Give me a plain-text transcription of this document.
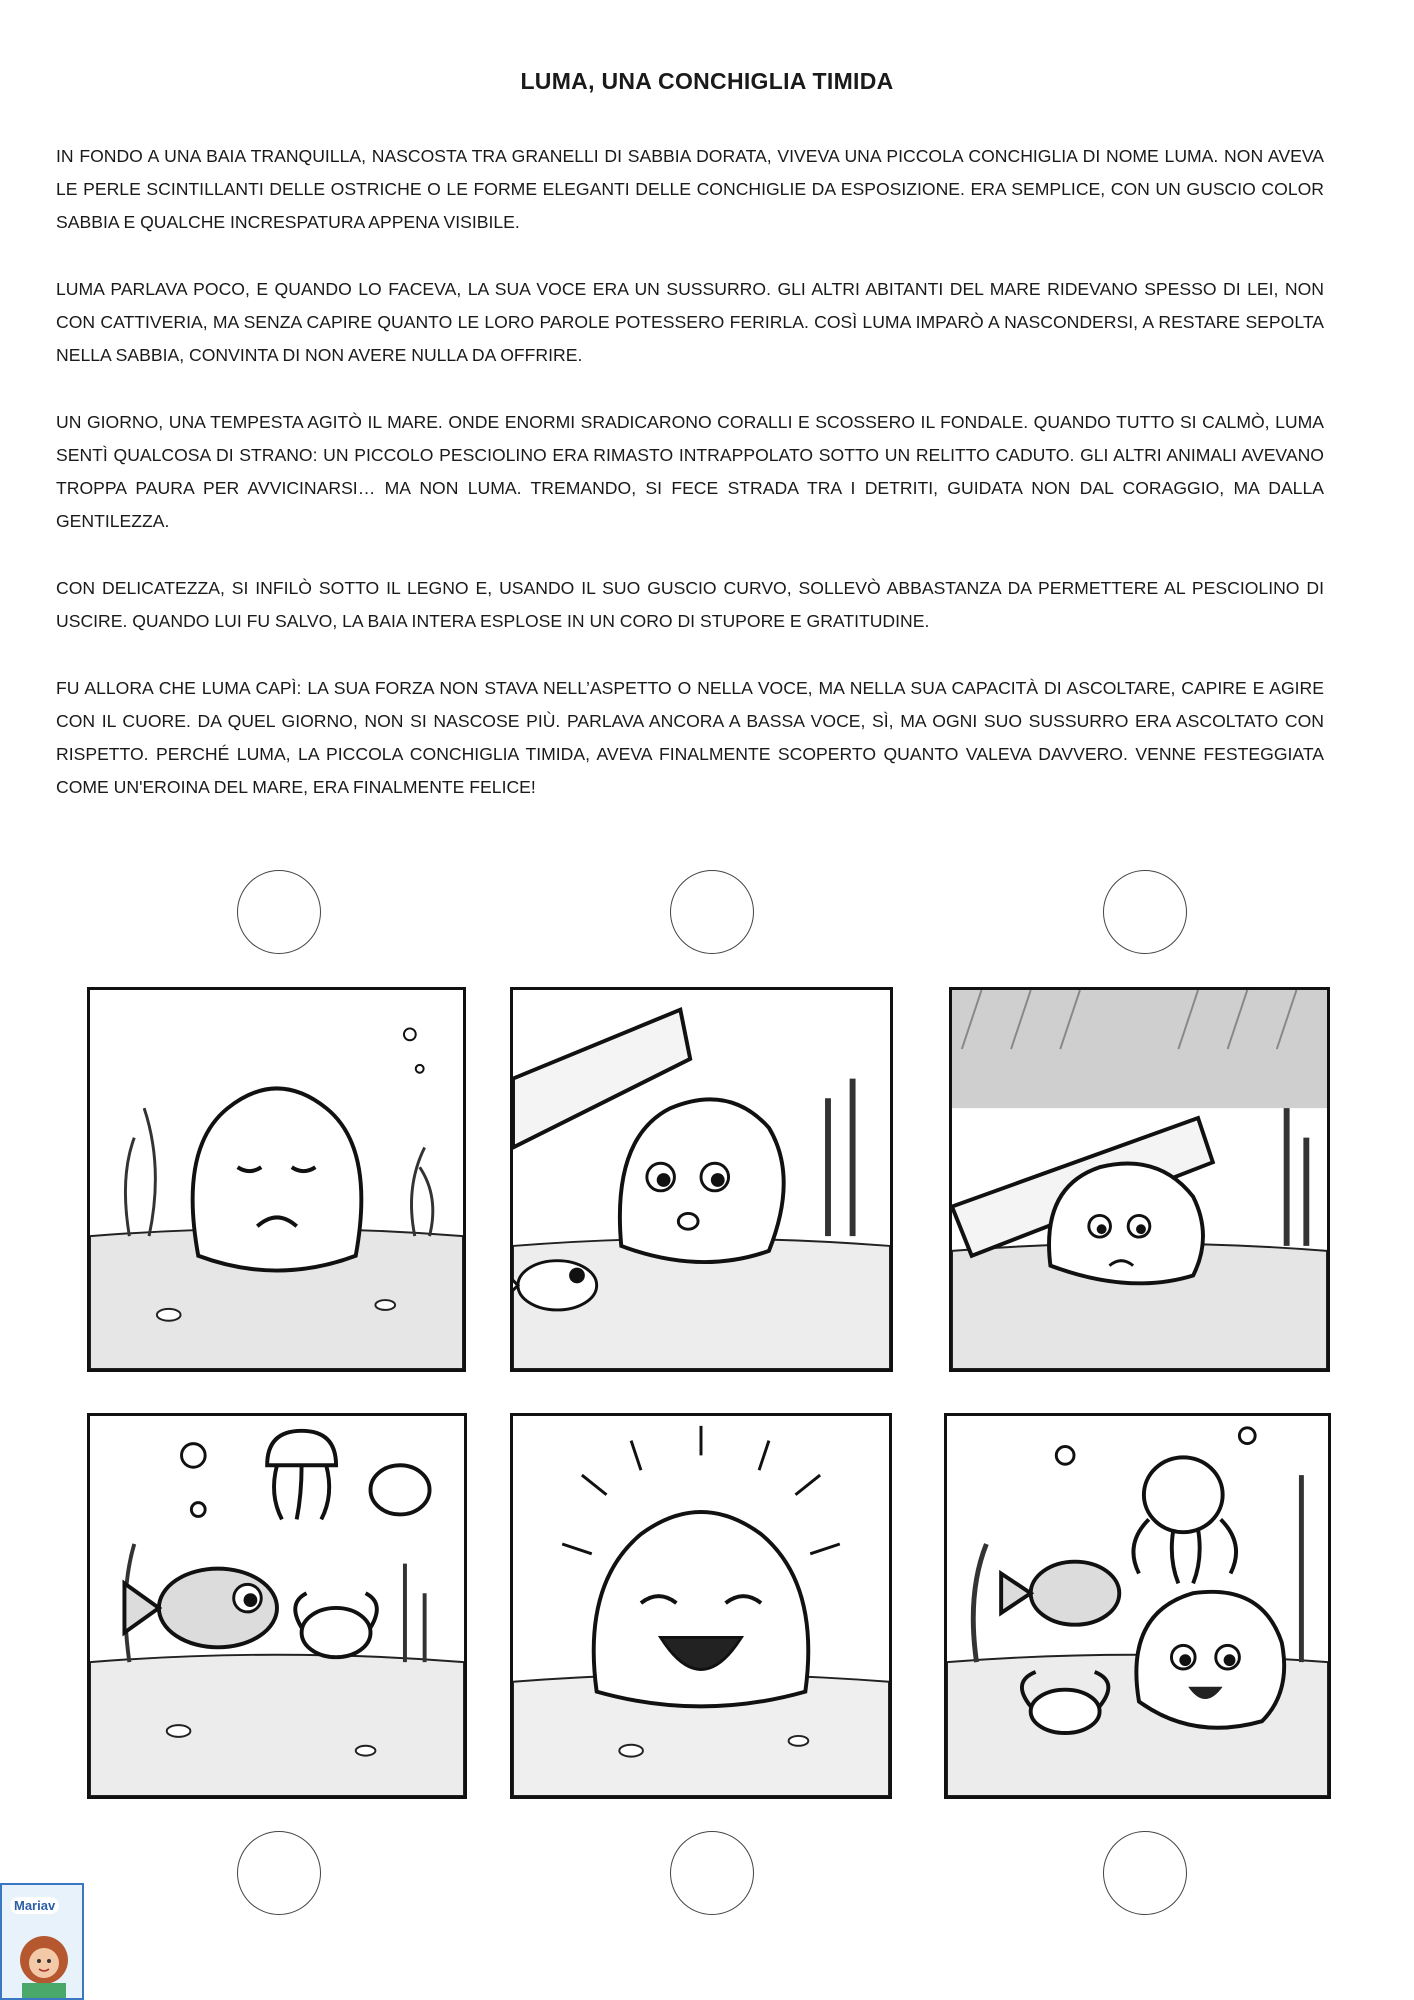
LUMA, UNA CONCHIGLIA TIMIDA

IN FONDO A UNA BAIA TRANQUILLA, NASCOSTA TRA GRANELLI DI SABBIA DORATA, VIVEVA UNA PICCOLA CONCHIGLIA DI NOME LUMA. NON AVEVA LE PERLE SCINTILLANTI DELLE OSTRICHE O LE FORME ELEGANTI DELLE CONCHIGLIE DA ESPOSIZIONE. ERA SEMPLICE, CON UN GUSCIO COLOR SABBIA E QUALCHE INCRESPATURA APPENA VISIBILE.

LUMA PARLAVA POCO, E QUANDO LO FACEVA, LA SUA VOCE ERA UN SUSSURRO. GLI ALTRI ABITANTI DEL MARE RIDEVANO SPESSO DI LEI, NON CON CATTIVERIA, MA SENZA CAPIRE QUANTO LE LORO PAROLE POTESSERO FERIRLA. COSÌ LUMA IMPARÒ A NASCONDERSI, A RESTARE SEPOLTA NELLA SABBIA, CONVINTA DI NON AVERE NULLA DA OFFRIRE.

UN GIORNO, UNA TEMPESTA AGITÒ IL MARE. ONDE ENORMI SRADICARONO CORALLI E SCOSSERO IL FONDALE. QUANDO TUTTO SI CALMÒ, LUMA SENTÌ QUALCOSA DI STRANO: UN PICCOLO PESCIOLINO ERA RIMASTO INTRAPPOLATO SOTTO UN RELITTO CADUTO. GLI ALTRI ANIMALI AVEVANO TROPPA PAURA PER AVVICINARSI… MA NON LUMA. TREMANDO, SI FECE STRADA TRA I DETRITI, GUIDATA NON DAL CORAGGIO, MA DALLA GENTILEZZA.

CON DELICATEZZA, SI INFILÒ SOTTO IL LEGNO E, USANDO IL SUO GUSCIO CURVO, SOLLEVÒ ABBASTANZA DA PERMETTERE AL PESCIOLINO DI USCIRE. QUANDO LUI FU SALVO, LA BAIA INTERA ESPLOSE IN UN CORO DI STUPORE E GRATITUDINE.

FU ALLORA CHE LUMA CAPÌ: LA SUA FORZA NON STAVA NELL’ASPETTO O NELLA VOCE, MA NELLA SUA CAPACITÀ DI ASCOLTARE, CAPIRE E AGIRE CON IL CUORE. DA QUEL GIORNO, NON SI NASCOSE PIÙ. PARLAVA ANCORA A BASSA VOCE, SÌ, MA OGNI SUO SUSSURRO ERA ASCOLTATO CON RISPETTO. PERCHÉ LUMA, LA PICCOLA CONCHIGLIA TIMIDA, AVEVA FINALMENTE SCOPERTO QUANTO VALEVA DAVVERO. VENNE FESTEGGIATA COME UN'EROINA DEL MARE, ERA FINALMENTE FELICE!

Mariav
